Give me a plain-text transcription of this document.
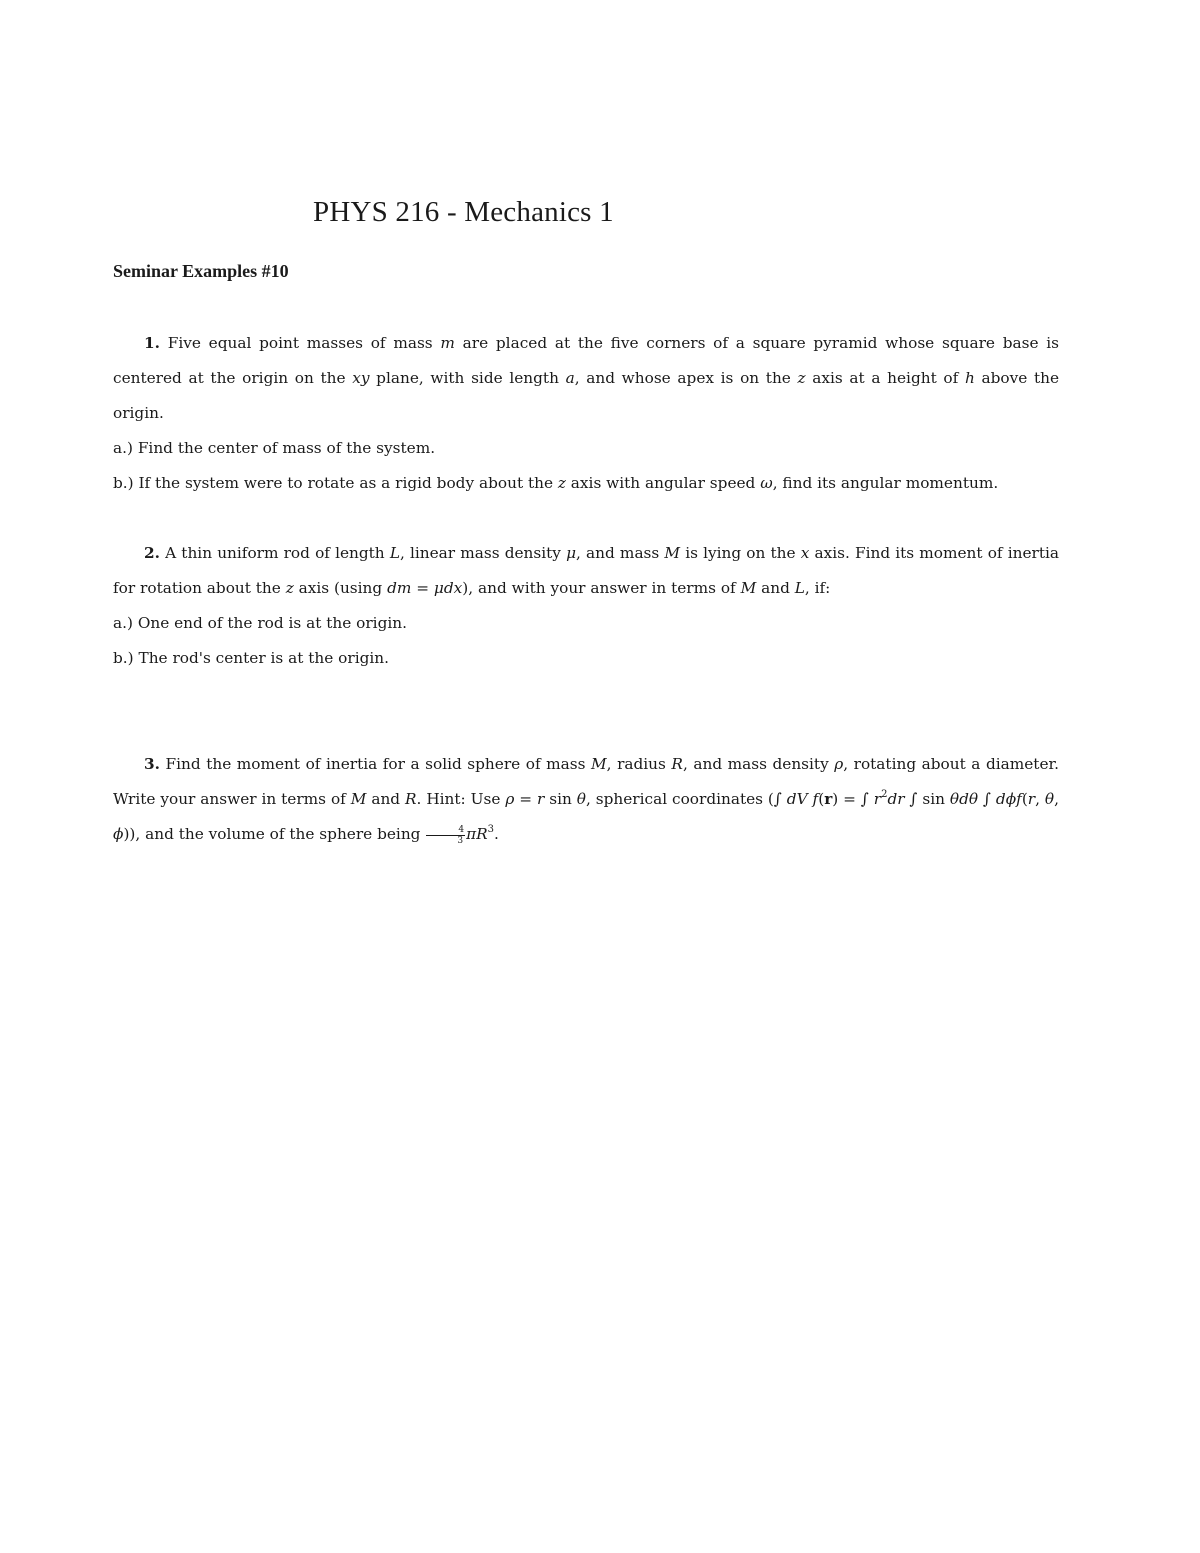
PHYS 216 - Mechanics 1
Seminar Examples #10

1. Five equal point masses of mass m are placed at the five corners of a square pyramid whose square base is centered at the origin on the xy plane, with side length a, and whose apex is on the z axis at a height of h above the origin.

a.) Find the center of mass of the system.

b.) If the system were to rotate as a rigid body about the z axis with angular speed ω, find its angular momentum.

2. A thin uniform rod of length L, linear mass density μ, and mass M is lying on the x axis. Find its moment of inertia for rotation about the z axis (using dm = μdx), and with your answer in terms of M and L, if:

a.) One end of the rod is at the origin.

b.) The rod's center is at the origin.

3. Find the moment of inertia for a solid sphere of mass M, radius R, and mass density ρ, rotating about a diameter. Write your answer in terms of M and R. Hint: Use ρ = r sin θ, spherical coordinates (∫ dV f(r) = ∫ $r^2dr$ ∫ sin θdθ ∫ dϕf(r, θ, ϕ)), and the volume of the sphere being $\frac{4}{3} \pi R^3$.
